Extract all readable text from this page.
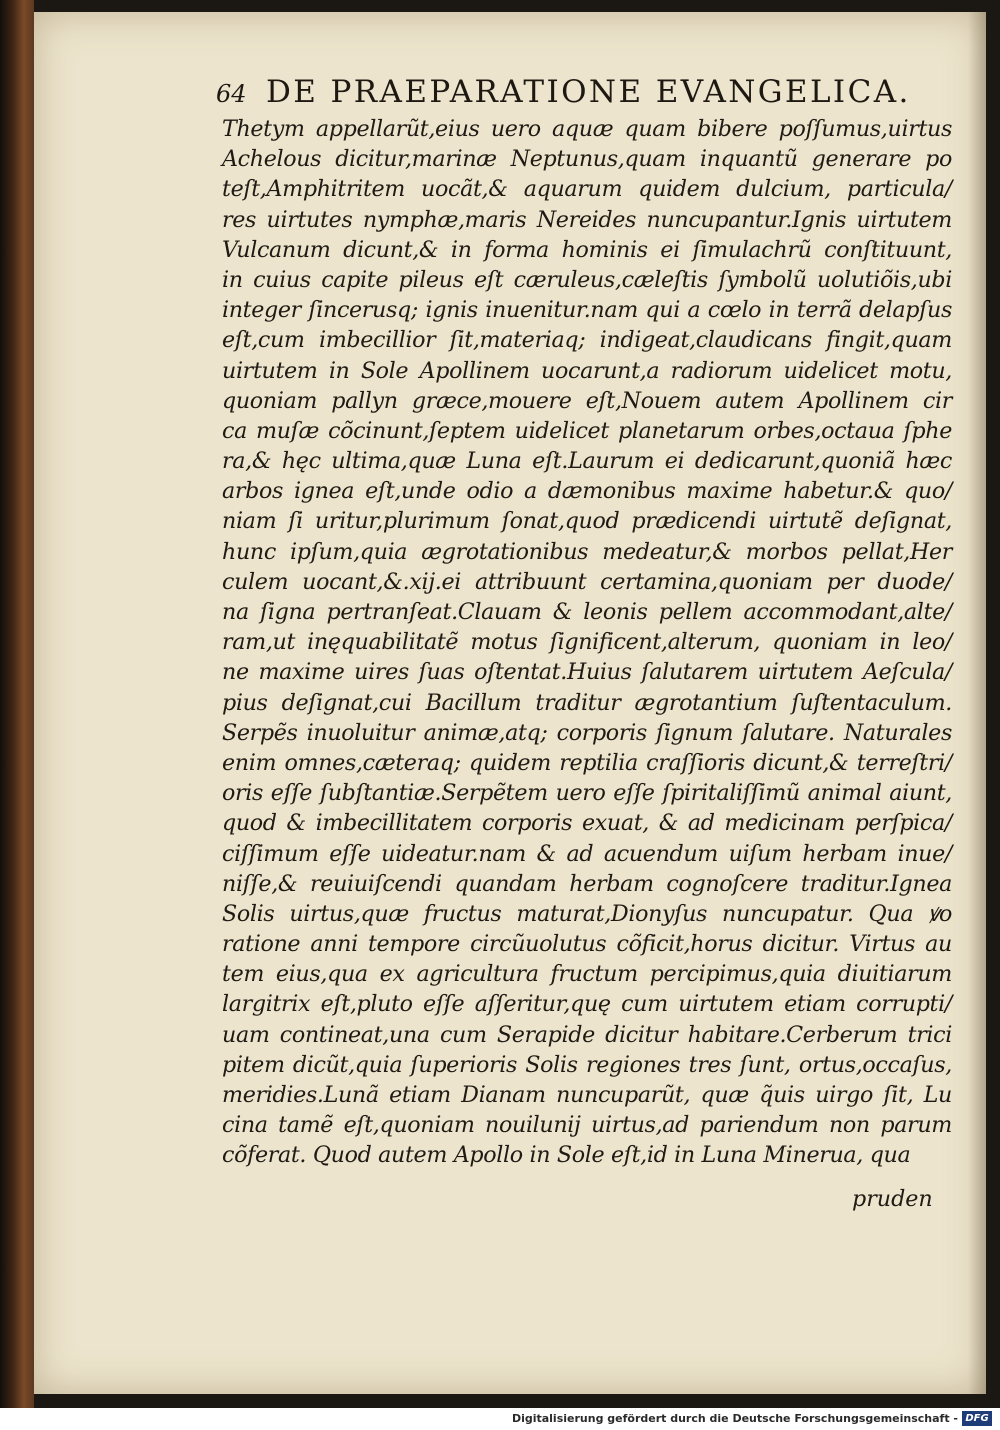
64 DE PRAEPARATIONE EVANGELICA.
Thetym appellarũt,eius uero aquæ quam bibere poſſumus,uirtus
Achelous dicitur,marinæ Neptunus,quam inquantũ generare po
teſt,Amphitritem uocãt,& aquarum quidem dulcium, particula/
res uirtutes nymphæ,maris Nereides nuncupantur.Ignis uirtutem
Vulcanum dicunt,& in forma hominis ei ſimulachrũ conſtituunt,
in cuius capite pileus eſt cæruleus,cæleſtis ſymbolũ uolutiõis,ubi
integer ſincerusq; ignis inuenitur.nam qui a cœlo in terrã delapſus
eſt,cum imbecillior ſit,materiaq; indigeat,claudicans fingit,quam
uirtutem in Sole Apollinem uocarunt,a radiorum uidelicet motu,
quoniam pallyn græce,mouere eſt,Nouem autem Apollinem cir
ca muſæ cõcinunt,ſeptem uidelicet planetarum orbes,octaua ſphe
ra,& hęc ultima,quæ Luna eſt.Laurum ei dedicarunt,quoniã hæc
arbos ignea eſt,unde odio a dæmonibus maxime habetur.& quo/
niam ſi uritur,plurimum ſonat,quod prædicendi uirtutẽ deſignat,
hunc ipſum,quia ægrotationibus medeatur,& morbos pellat,Her
culem uocant,&.xij.ei attribuunt certamina,quoniam per duode/
na ſigna pertranſeat.Clauam & leonis pellem accommodant,alte/
ram,ut inęquabilitatẽ motus ſignificent,alterum, quoniam in leo/
ne maxime uires ſuas oſtentat.Huius ſalutarem uirtutem Aeſcula/
pius deſignat,cui Bacillum traditur ægrotantium ſuſtentaculum.
Serpẽs inuoluitur animæ,atq; corporis ſignum ſalutare. Naturales
enim omnes,cæteraq; quidem reptilia craſſioris dicunt,& terreſtri/
oris eſſe ſubſtantiæ.Serpẽtem uero eſſe ſpiritaliſſimũ animal aiunt,
quod & imbecillitatem corporis exuat, & ad medicinam perſpica/
ciſſimum eſſe uideatur.nam & ad acuendum uiſum herbam inue/
niſſe,& reuiuiſcendi quandam herbam cognoſcere traditur.Ignea
Solis uirtus,quæ fructus maturat,Dionyſus nuncupatur. Qua ꝟo
ratione anni tempore circũuolutus cõficit,horus dicitur. Virtus au
tem eius,qua ex agricultura fructum percipimus,quia diuitiarum
largitrix eſt,pluto eſſe aſſeritur,quę cum uirtutem etiam corrupti/
uam contineat,una cum Serapide dicitur habitare.Cerberum trici
pitem dicũt,quia ſuperioris Solis regiones tres ſunt, ortus,occaſus,
meridies.Lunã etiam Dianam nuncuparũt, quæ q̃uis uirgo ſit, Lu
cina tamẽ eſt,quoniam nouilunij uirtus,ad pariendum non parum
cõferat. Quod autem Apollo in Sole eſt,id in Luna Minerua, qua
pruden
Digitalisierung gefördert durch die Deutsche Forschungsgemeinschaft - DFG
